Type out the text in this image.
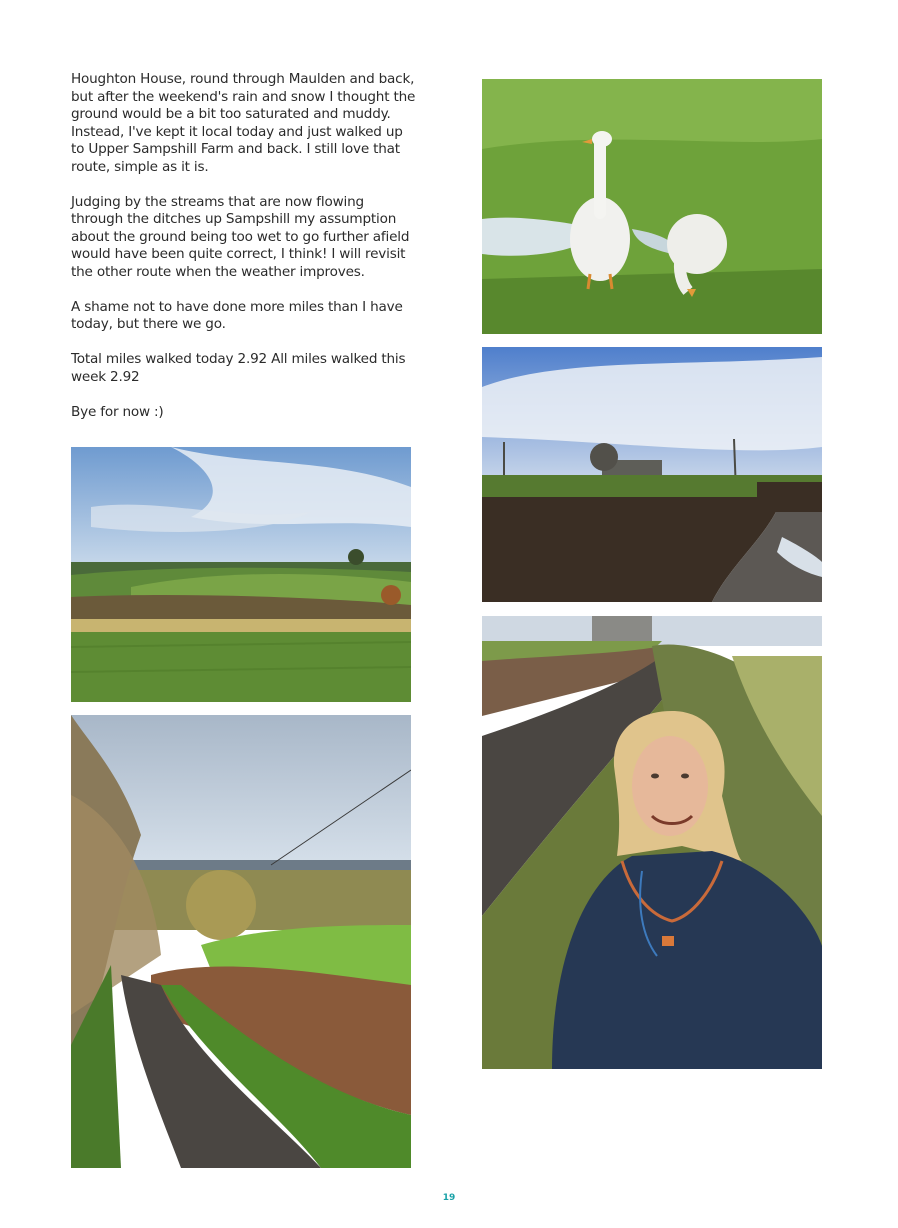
Houghton House, round through Maulden and back, but after the weekend's rain and snow I thought the ground would be a bit too saturated and muddy. Instead, I've kept it local today and just walked up to Upper Sampshill Farm and back. I still love that route, simple as it is.

Judging by the streams that are now flowing through the ditches up Sampshill my assumption about the ground being too wet to go further afield would have been quite correct, I think! I will revisit the other route when the weather improves.

A shame not to have done more miles than I have today, but there we go.

Total miles walked today 2.92 All miles walked this week 2.92

Bye for now :)

19
